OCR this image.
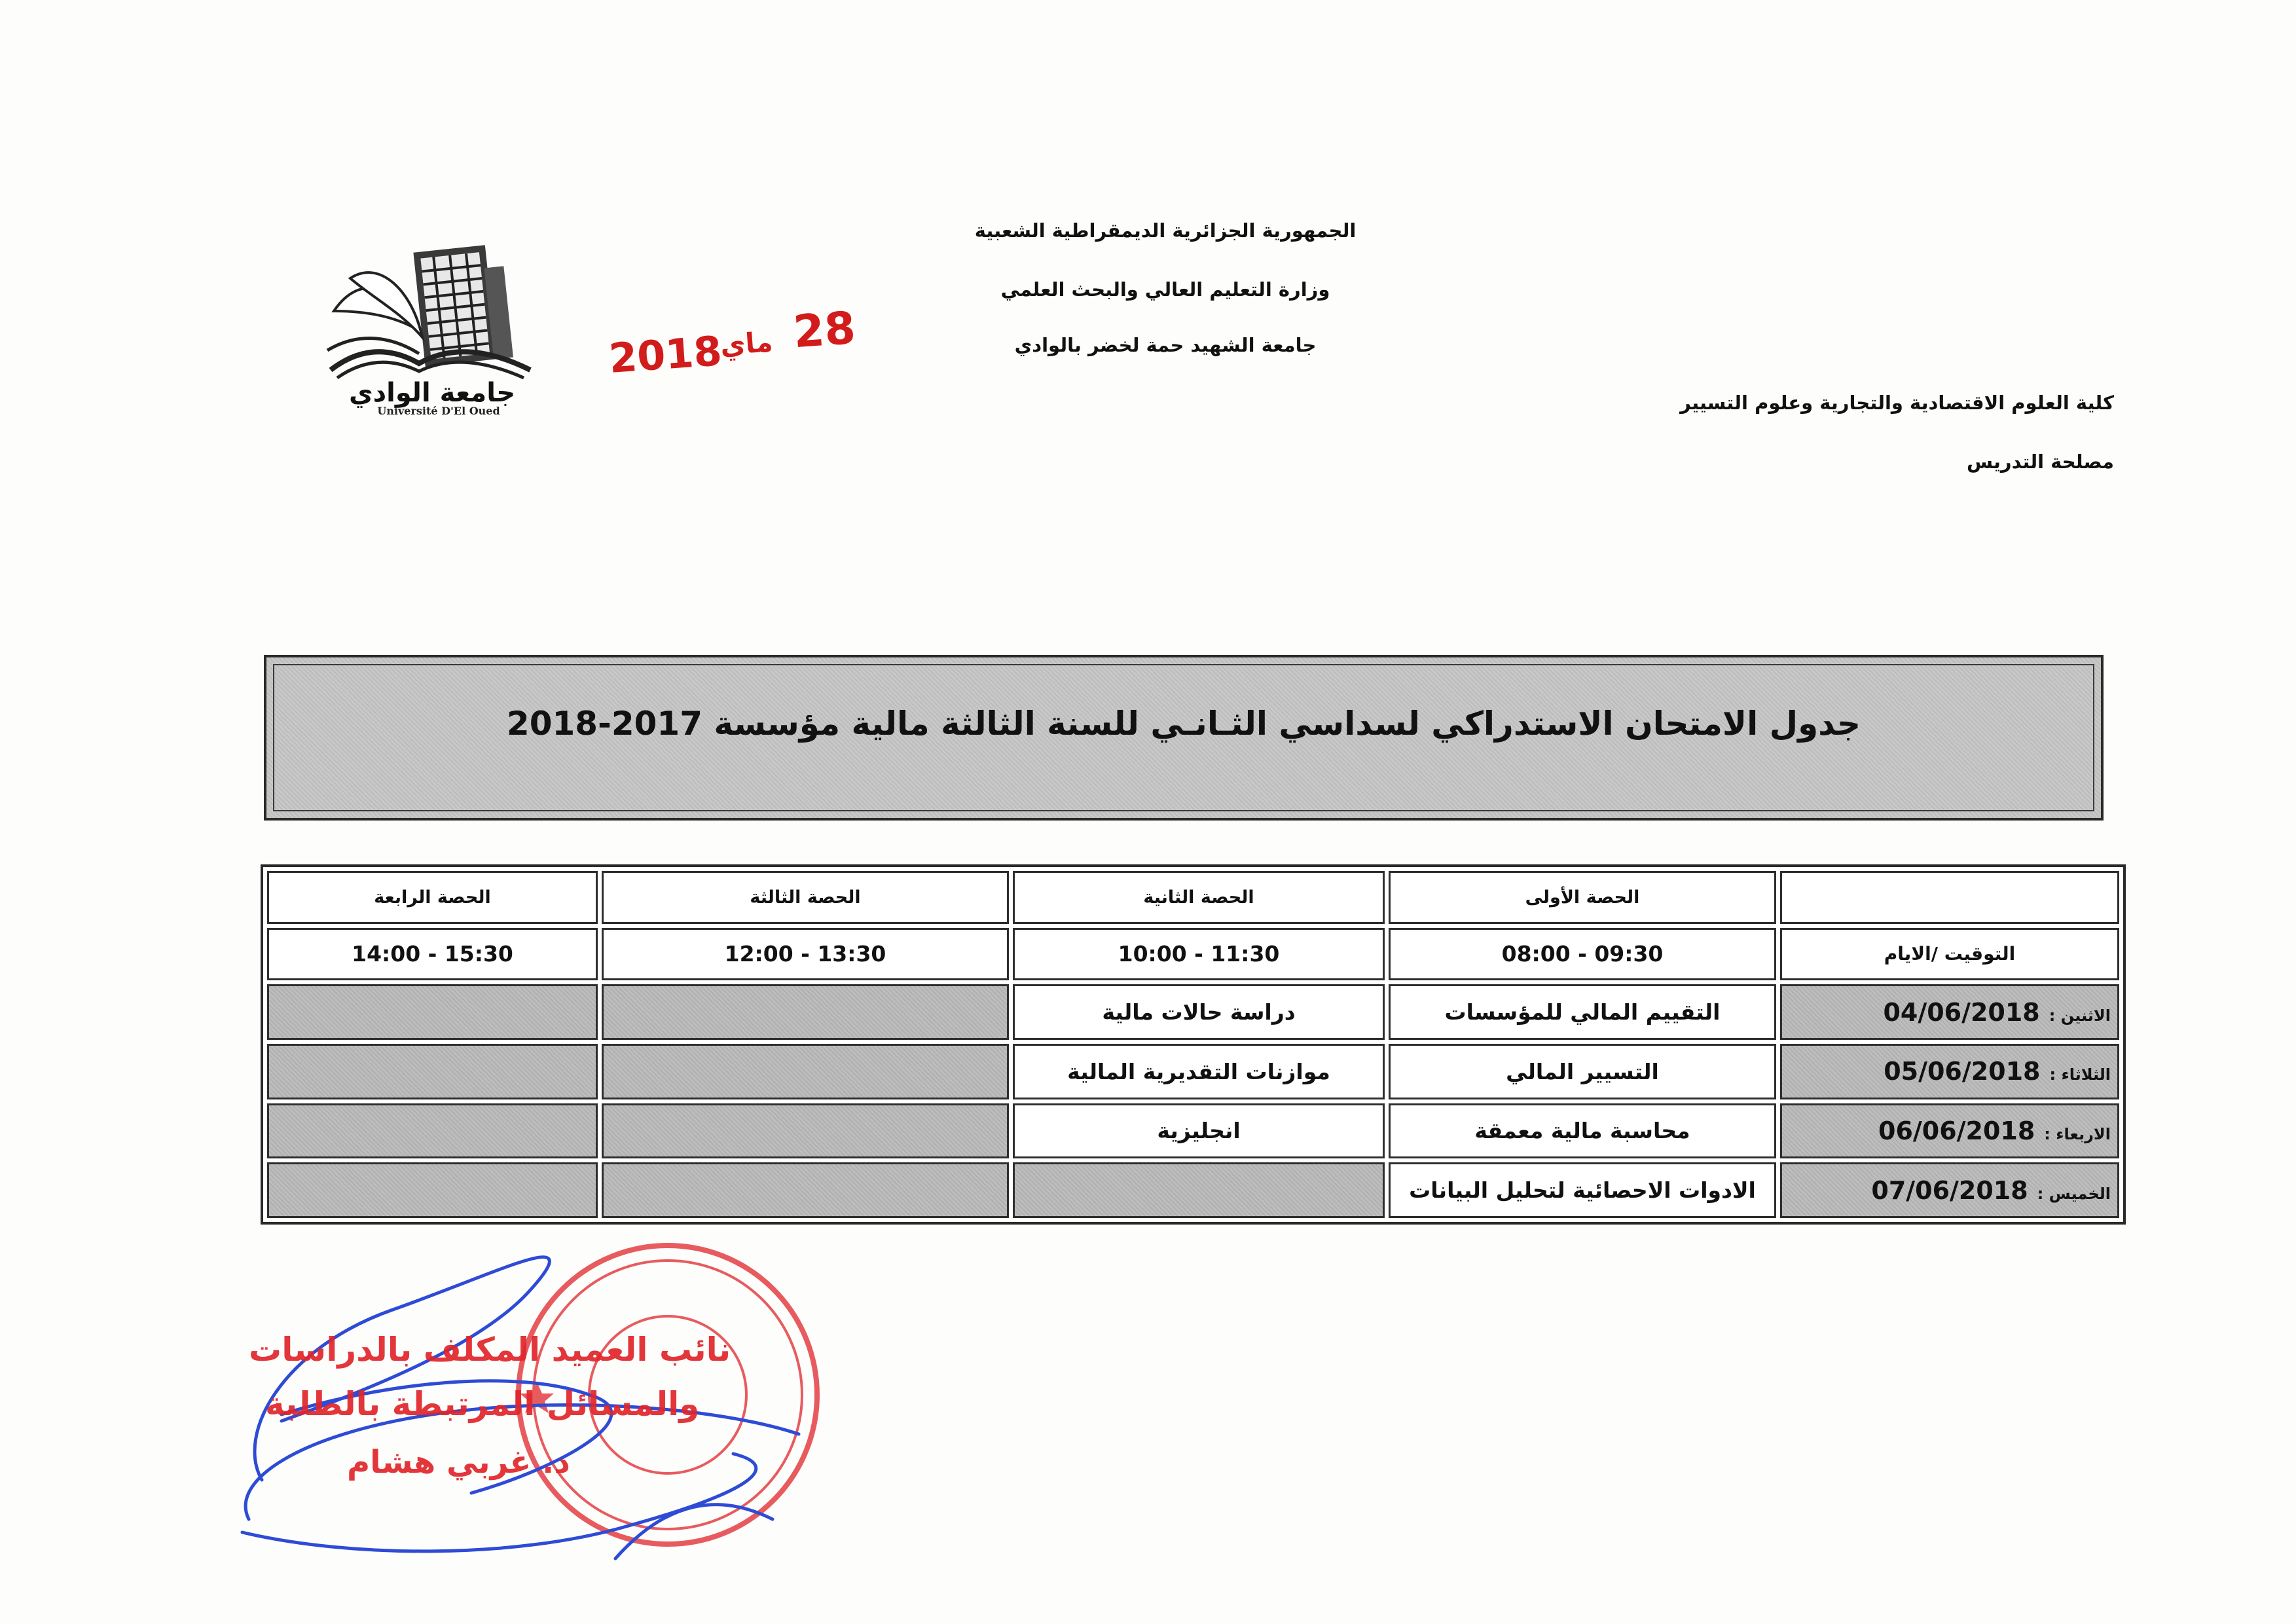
الجمهورية الجزائرية الديمقراطية الشعبية
وزارة التعليم العالي والبحث العلمي
جامعة الشهيد حمة لخضر بالوادي
كلية العلوم الاقتصادية والتجارية وعلوم التسيير
مصلحة التدريس
جامعة الوادي
Université D'El Oued
2018
ماي 28
جدول الامتحان الاستدراكي لسداسي الثـانـي للسنة الثالثة مالية مؤسسة 2017-2018
	الحصة الأولى	الحصة الثانية	الحصة الثالثة	الحصة الرابعة
التوقيت /الايام	08:00 - 09:30	10:00 - 11:30	12:00 - 13:30	14:00 - 15:30
الاثنين :04/06/2018	التقييم المالي للمؤسسات	دراسة حالات مالية		
الثلاثاء :05/06/2018	التسيير المالي	موازنات التقديرية المالية		
الاربعاء :06/06/2018	محاسبة مالية معمقة	انجليزية		
الخميس :07/06/2018	الادوات الاحصائية لتحليل البيانات			
نائب العميد المكلف بالدراسات
والمسائل المرتبطة بالطلبة
د. غربي هشام
